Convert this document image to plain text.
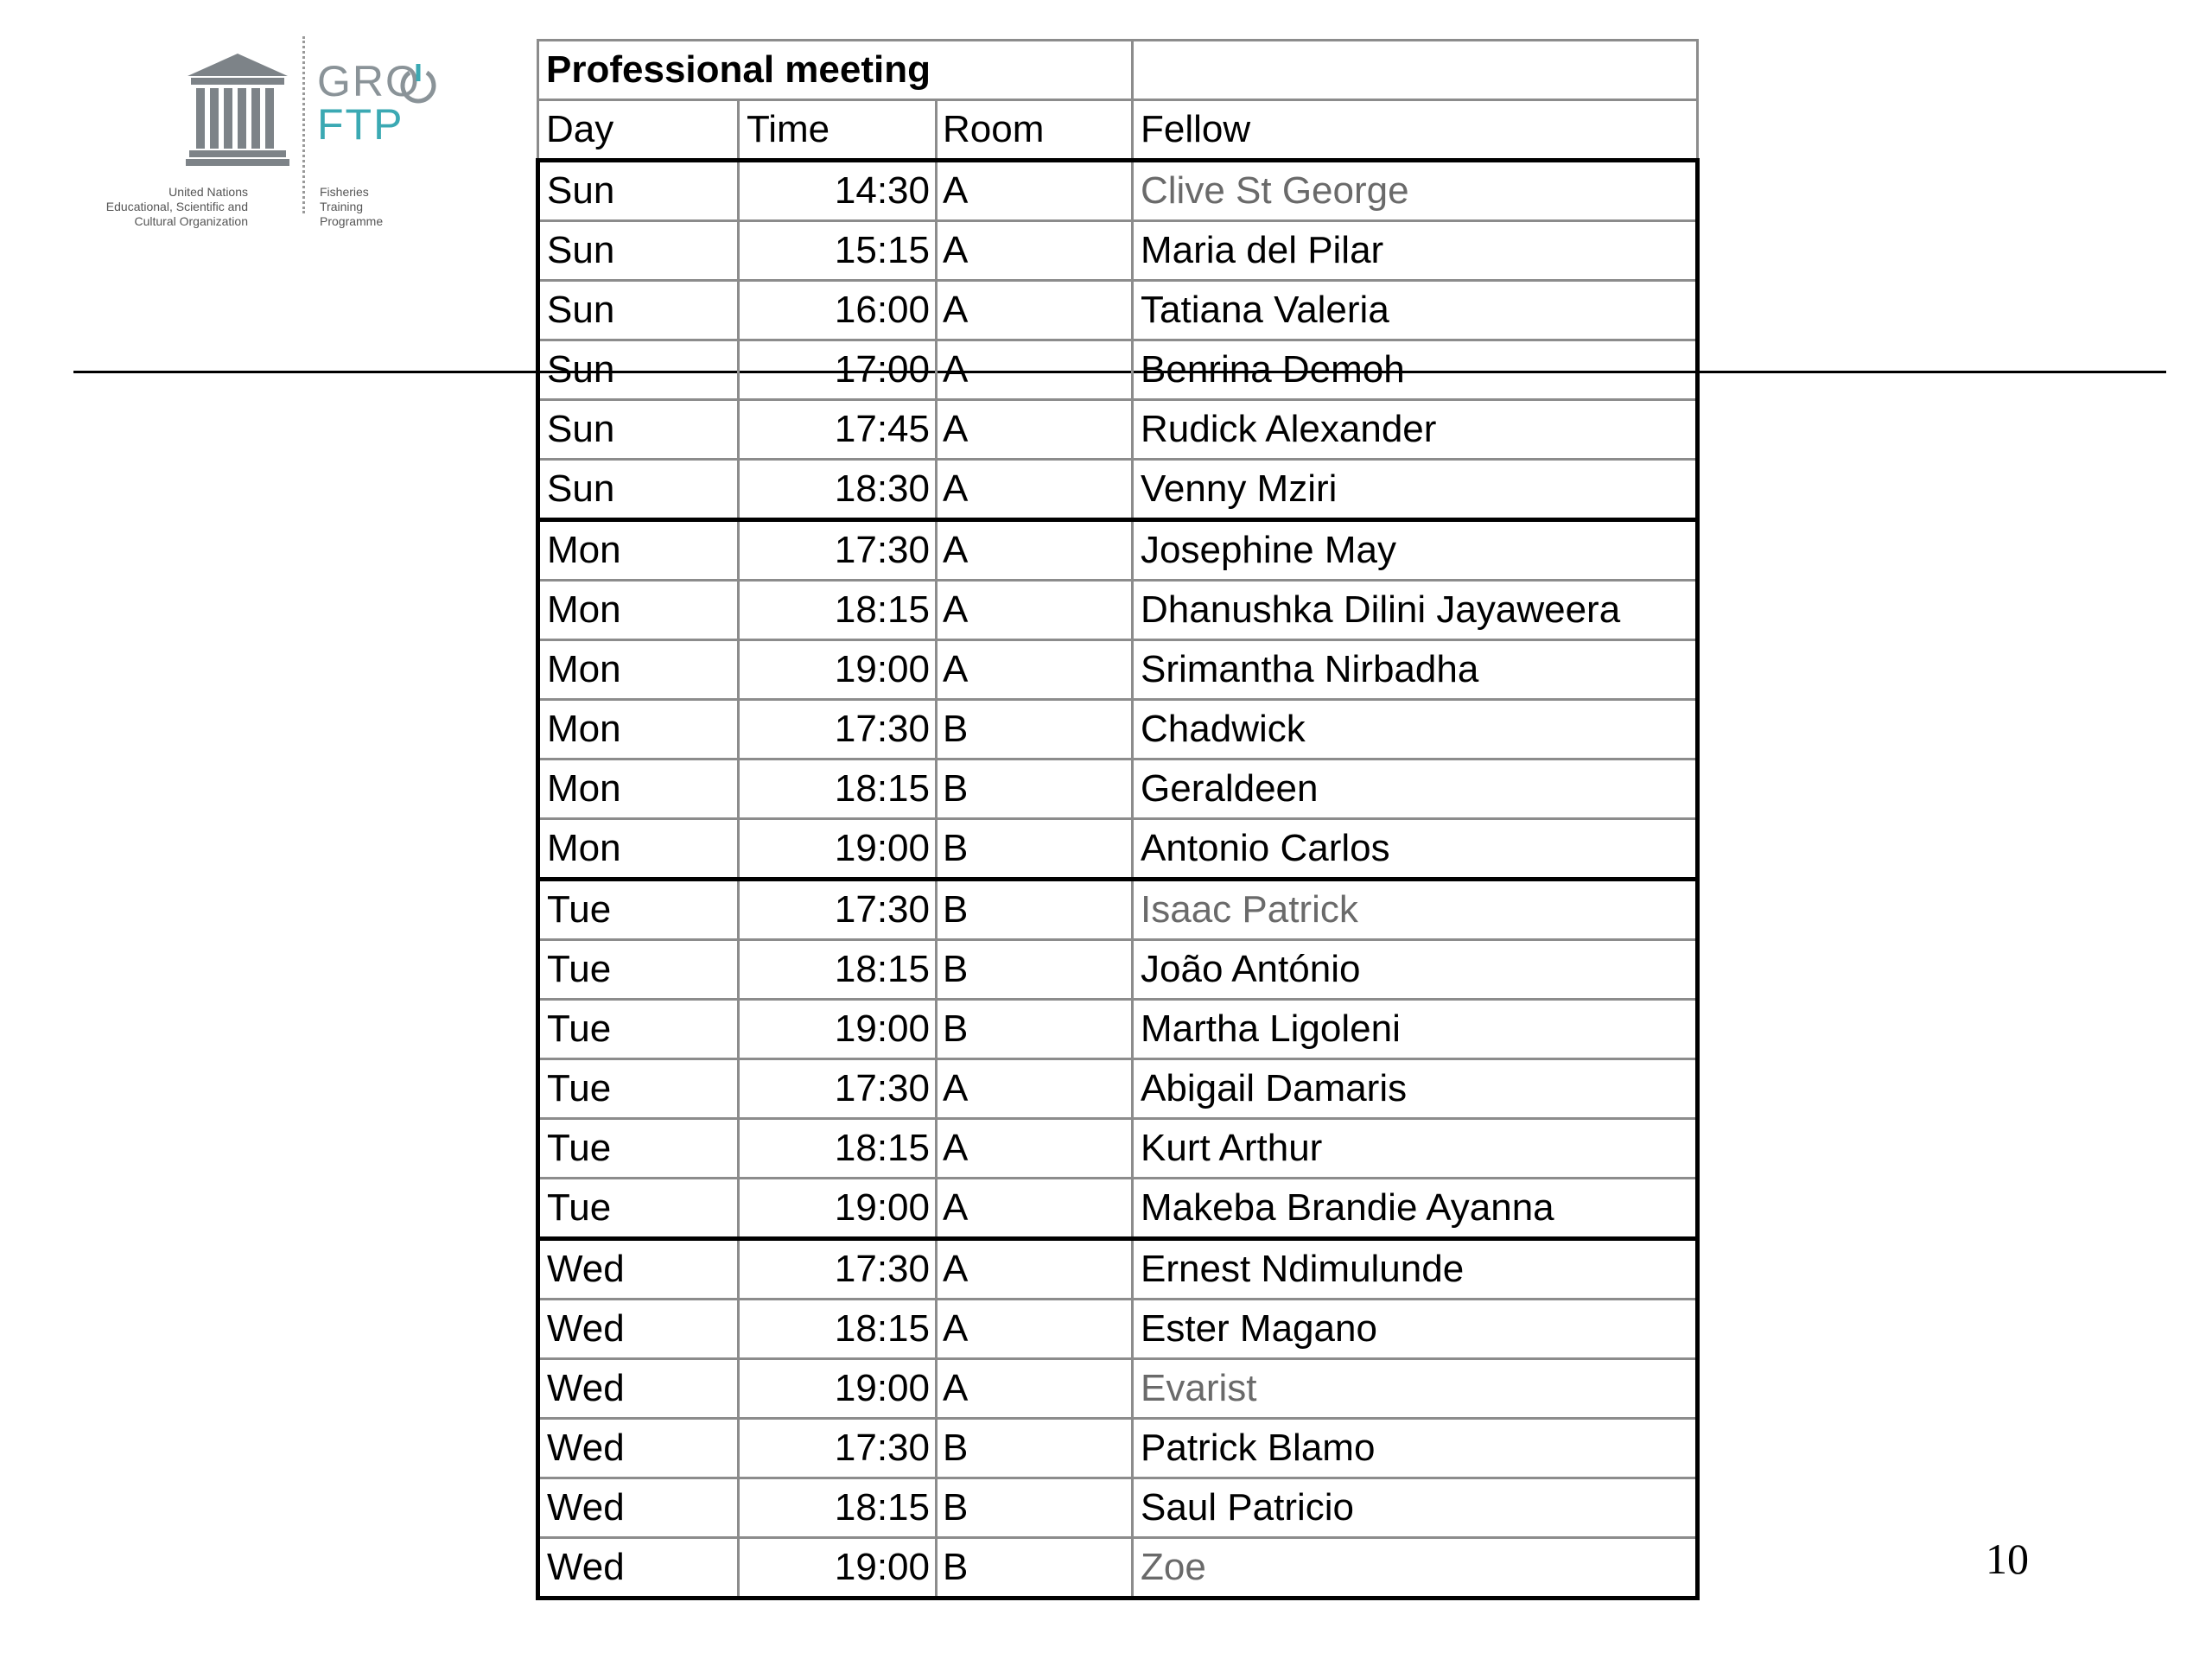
United Nations
Educational, Scientific and
Cultural Organization
GRO
FTP
Fisheries
Training
Programme
Professional meeting			
Day	Time	Room	Fellow
Sun	14:30	A	Clive St George
Sun	15:15	A	Maria del Pilar
Sun	16:00	A	Tatiana Valeria
Sun	17:00	A	Benrina Demoh
Sun	17:45	A	Rudick Alexander
Sun	18:30	A	Venny Mziri
Mon	17:30	A	Josephine May
Mon	18:15	A	Dhanushka Dilini Jayaweera
Mon	19:00	A	Srimantha Nirbadha
Mon	17:30	B	Chadwick
Mon	18:15	B	Geraldeen
Mon	19:00	B	Antonio Carlos
Tue	17:30	B	Isaac Patrick
Tue	18:15	B	João António
Tue	19:00	B	Martha Ligoleni
Tue	17:30	A	Abigail Damaris
Tue	18:15	A	Kurt Arthur
Tue	19:00	A	Makeba Brandie Ayanna
Wed	17:30	A	Ernest Ndimulunde
Wed	18:15	A	Ester Magano
Wed	19:00	A	Evarist
Wed	17:30	B	Patrick Blamo
Wed	18:15	B	Saul Patricio
Wed	19:00	B	Zoe	10
